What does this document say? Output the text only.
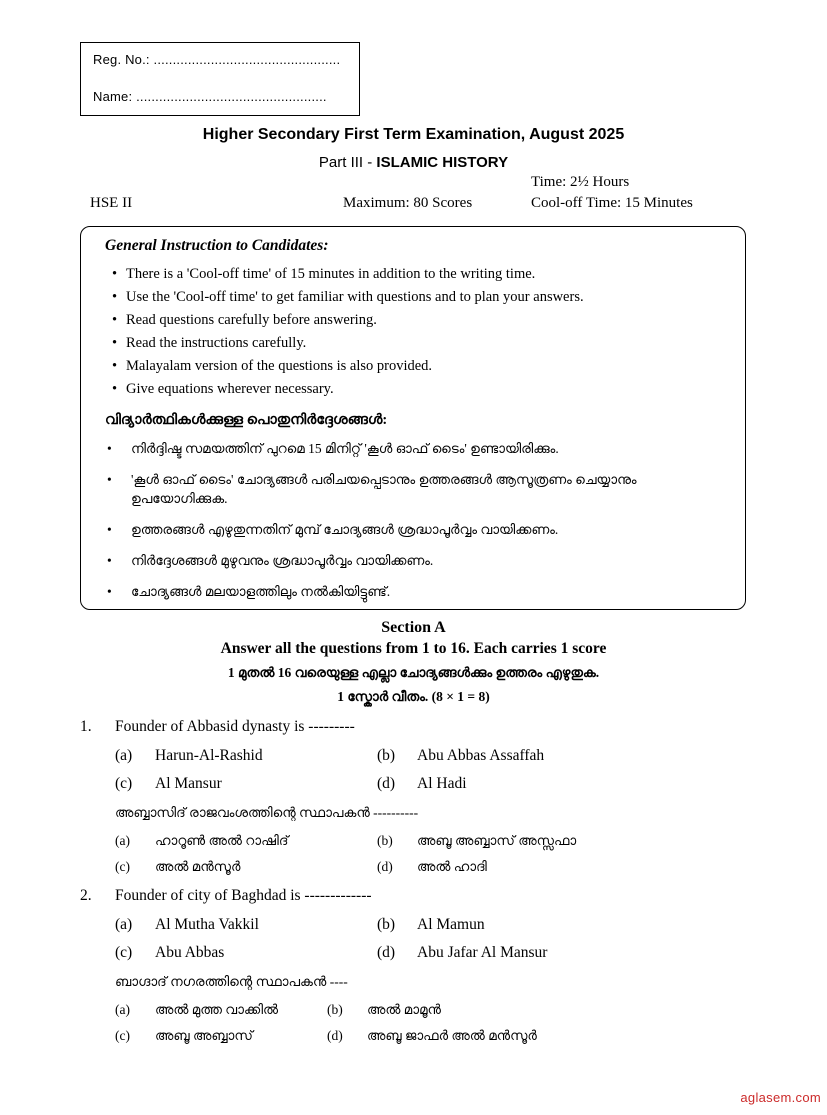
Reg. No.: .................................................
Name: ..................................................
Higher Secondary First Term Examination, August 2025
Part III - ISLAMIC HISTORY
Time: 2½ Hours
HSE II	Maximum: 80 Scores	Cool-off Time: 15 Minutes
General Instruction to Candidates:
• There is a 'Cool-off time' of 15 minutes in addition to the writing time.
• Use the 'Cool-off time' to get familiar with questions and to plan your answers.
• Read questions carefully before answering.
• Read the instructions carefully.
• Malayalam version of the questions is also provided.
• Give equations wherever necessary.
വിദ്യാർത്ഥികൾക്കുള്ള പൊതുനിർദ്ദേശങ്ങൾ:
•	നിർദ്ദിഷ്ട സമയത്തിന് പുറമെ 15 മിനിറ്റ് 'കൂൾ ഓഫ് ടൈം' ഉണ്ടായിരിക്കും.
•	'കൂൾ ഓഫ് ടൈം' ചോദ്യങ്ങൾ പരിചയപ്പെടാനും ഉത്തരങ്ങൾ ആസൂത്രണം ചെയ്യാനും ഉപയോഗിക്കുക.
•	ഉത്തരങ്ങൾ എഴുതുന്നതിന് മുമ്പ് ചോദ്യങ്ങൾ ശ്രദ്ധാപൂർവ്വം വായിക്കണം.
•	നിർദ്ദേശങ്ങൾ മുഴുവനും ശ്രദ്ധാപൂർവ്വം വായിക്കണം.
•	ചോദ്യങ്ങൾ മലയാളത്തിലും നൽകിയിട്ടുണ്ട്.
Section A
Answer all the questions from 1 to 16. Each carries 1 score
1 മുതൽ 16 വരെയുള്ള എല്ലാ ചോദ്യങ്ങൾക്കും ഉത്തരം എഴുതുക.
1 സ്കോർ വീതം. (8 × 1 = 8)
1.	Founder of Abbasid dynasty is ---------
(a)	Harun-Al-Rashid	(b)	Abu Abbas Assaffah
(c)	Al Mansur	(d)	Al Hadi
അബ്ബാസിദ് രാജവംശത്തിന്റെ സ്ഥാപകൻ ----------
(a)	ഹാറൂൺ അൽ റാഷിദ്	(b)	അബൂ അബ്ബാസ് അസ്സഫാ
(c)	അൽ മൻസൂർ	(d)	അൽ ഹാദി
2.	Founder of city of Baghdad is -------------
(a)	Al Mutha Vakkil	(b)	Al Mamun
(c)	Abu Abbas	(d)	Abu Jafar Al Mansur
ബാഗ്ദാദ് നഗരത്തിന്റെ സ്ഥാപകൻ ----
(a)	അൽ മുത്ത വാക്കിൽ	(b)	അൽ മാമൂൻ
(c)	അബൂ അബ്ബാസ്	(d)	അബൂ ജാഫർ അൽ മൻസൂർ
aglasem.com
